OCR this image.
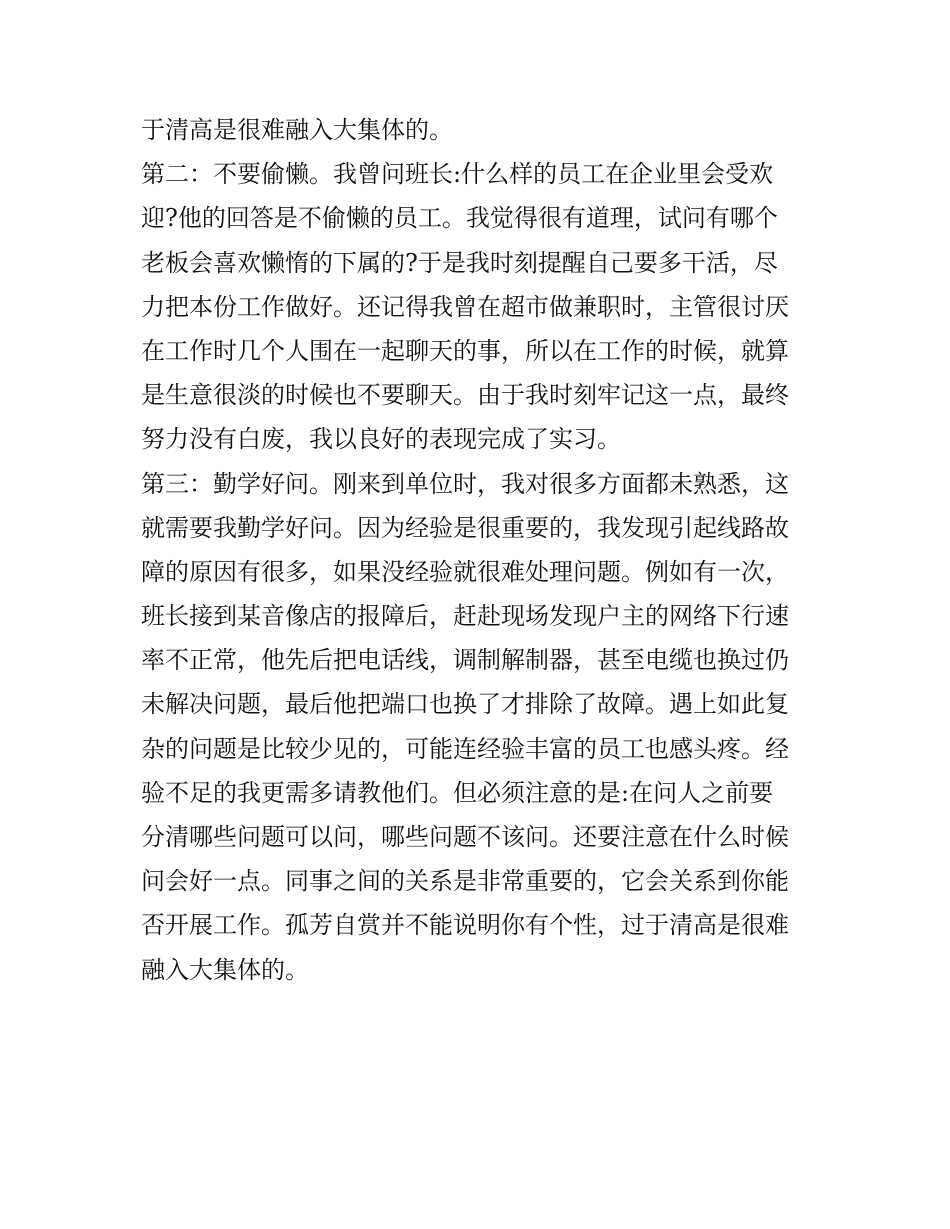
于清高是很难融入大集体的。
第二：不要偷懒。我曾问班长:什么样的员工在企业里会受欢
迎?他的回答是不偷懒的员工。我觉得很有道理，试问有哪个
老板会喜欢懒惰的下属的?于是我时刻提醒自己要多干活，尽
力把本份工作做好。还记得我曾在超市做兼职时，主管很讨厌
在工作时几个人围在一起聊天的事，所以在工作的时候，就算
是生意很淡的时候也不要聊天。由于我时刻牢记这一点，最终
努力没有白废，我以良好的表现完成了实习。
第三：勤学好问。刚来到单位时，我对很多方面都未熟悉，这
就需要我勤学好问。因为经验是很重要的，我发现引起线路故
障的原因有很多，如果没经验就很难处理问题。例如有一次，
班长接到某音像店的报障后，赶赴现场发现户主的网络下行速
率不正常，他先后把电话线，调制解制器，甚至电缆也换过仍
未解决问题，最后他把端口也换了才排除了故障。遇上如此复
杂的问题是比较少见的，可能连经验丰富的员工也感头疼。经
验不足的我更需多请教他们。但必须注意的是:在问人之前要
分清哪些问题可以问，哪些问题不该问。还要注意在什么时候
问会好一点。同事之间的关系是非常重要的，它会关系到你能
否开展工作。孤芳自赏并不能说明你有个性，过于清高是很难
融入大集体的。
